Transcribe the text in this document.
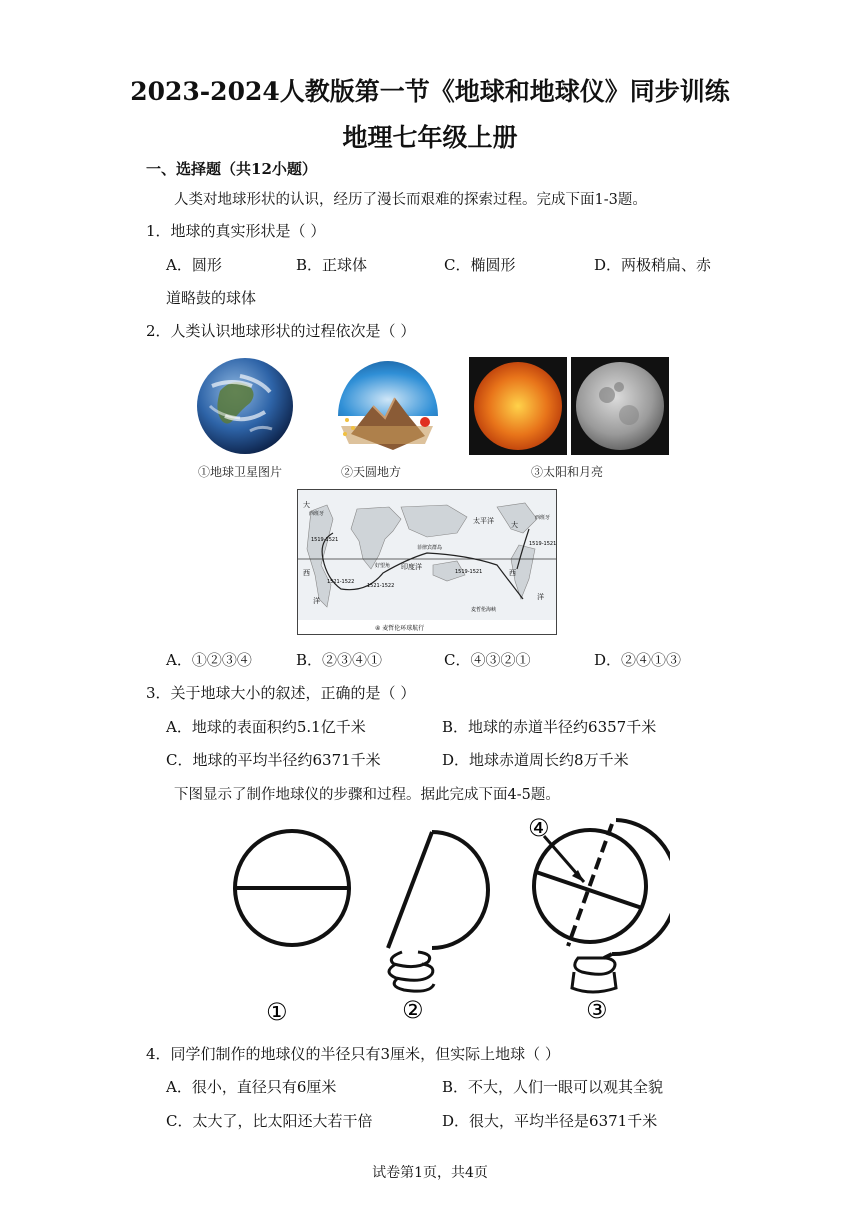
2023-2024人教版第一节《地球和地球仪》同步训练
地理七年级上册
一、选择题（共12小题）
人类对地球形状的认识，经历了漫长而艰难的探索过程。完成下面1-3题。
1．地球的真实形状是（ ）
A．圆形	B．正球体	C．椭圆形	D．两极稍扁、赤
道略鼓的球体
2．人类认识地球形状的过程依次是（ ）
①地球卫星图片	②天圆地方	③太阳和月亮
大
西班牙
1519-1521
西
洋
好望角 印度洋
1521-1522
1521-1522
菲律宾群岛
太平洋
1519-1521
麦哲伦海峡
大
西班牙
1519-1521
西
洋
④ 麦哲伦环球航行
A．①②③④	B．②③④①	C．④③②①	D．②④①③
3．关于地球大小的叙述，正确的是（ ）
A．地球的表面积约5.1亿千米	B．地球的赤道半径约6357千米
C．地球的平均半径约6371千米	D．地球赤道周长约8万千米
下图显示了制作地球仪的步骤和过程。据此完成下面4-5题。
①	②	③
④
4．同学们制作的地球仪的半径只有3厘米，但实际上地球（ ）
A．很小，直径只有6厘米	B．不大，人们一眼可以观其全貌
C．太大了，比太阳还大若干倍	D．很大，平均半径是6371千米
试卷第1页，共4页
